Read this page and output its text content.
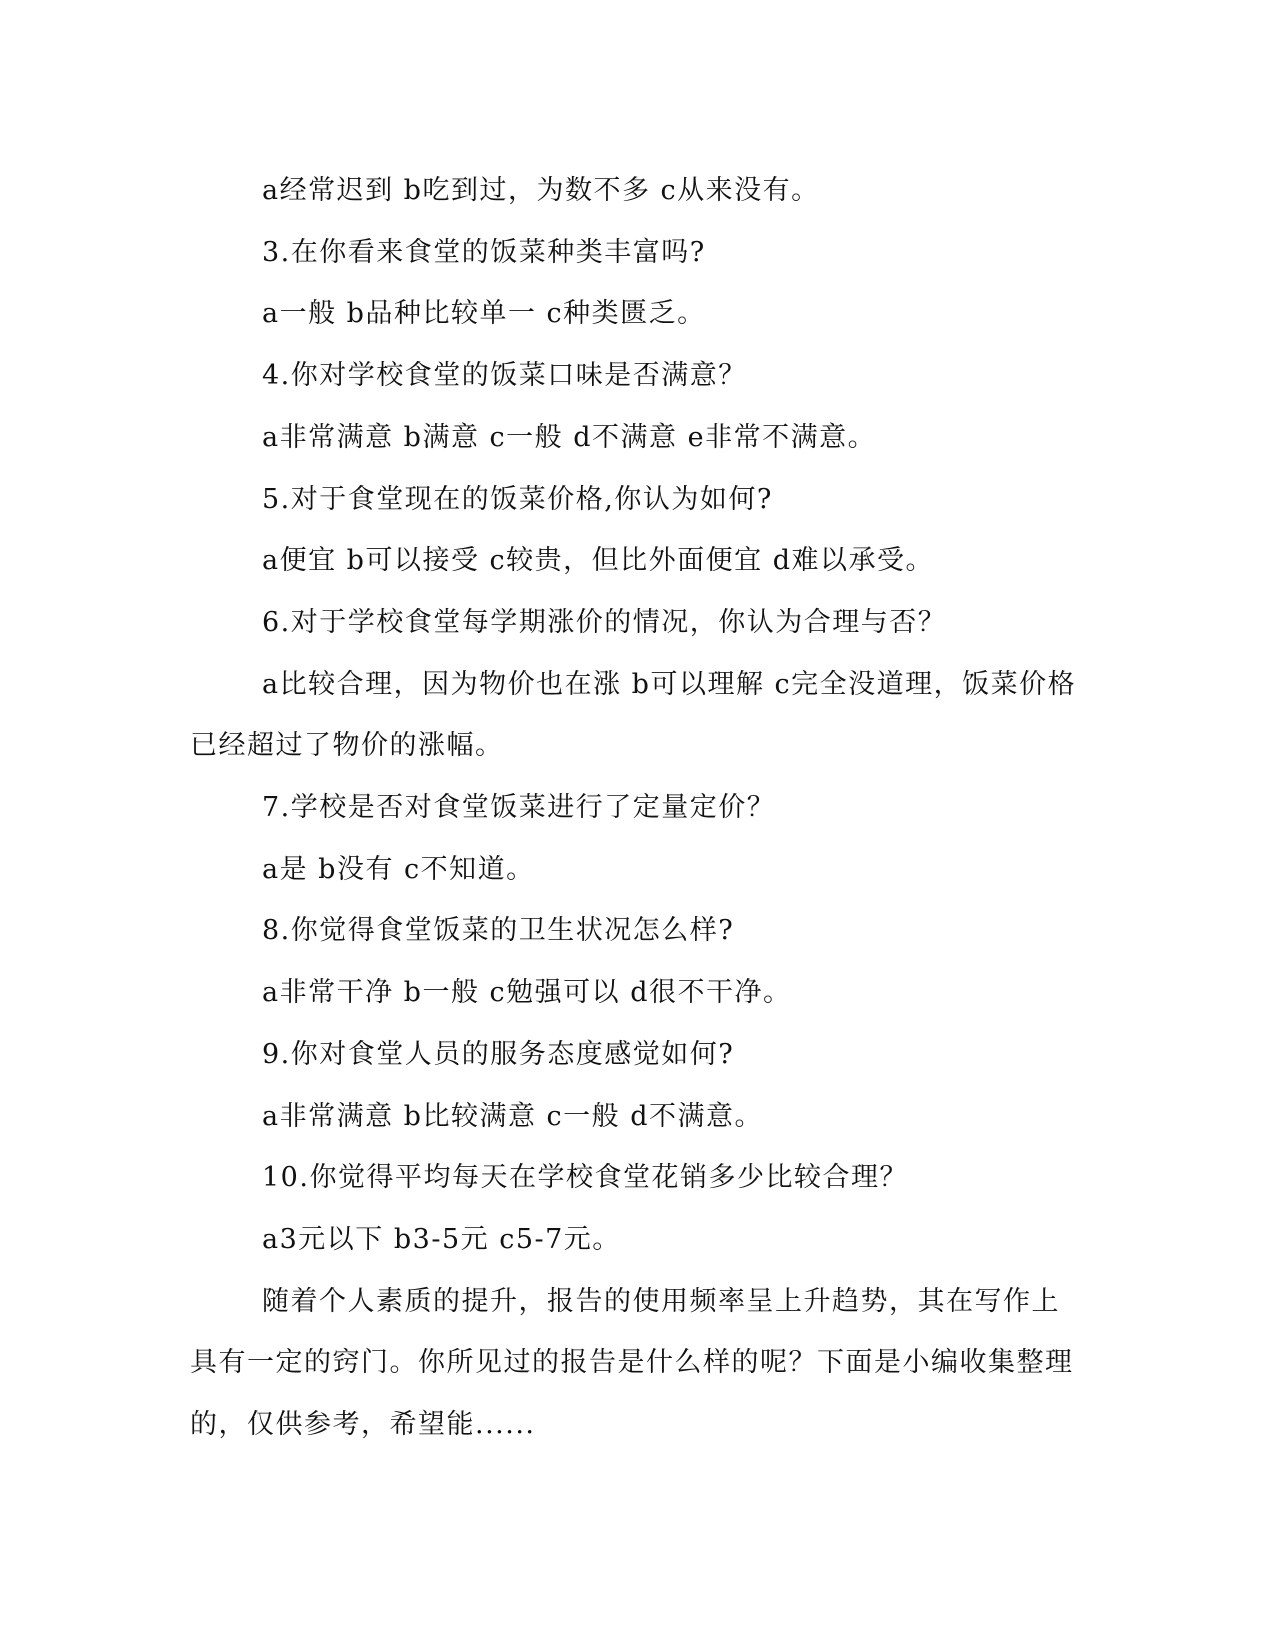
a经常迟到 b吃到过，为数不多 c从来没有。

3.在你看来食堂的饭菜种类丰富吗?

a一般 b品种比较单一 c种类匮乏。

4.你对学校食堂的饭菜口味是否满意？

a非常满意 b满意 c一般 d不满意 e非常不满意。

5.对于食堂现在的饭菜价格,你认为如何?

a便宜 b可以接受 c较贵，但比外面便宜 d难以承受。

6.对于学校食堂每学期涨价的情况，你认为合理与否？

a比较合理，因为物价也在涨 b可以理解 c完全没道理，饭菜价格已经超过了物价的涨幅。

7.学校是否对食堂饭菜进行了定量定价？

a是 b没有 c不知道。

8.你觉得食堂饭菜的卫生状况怎么样?

a非常干净 b一般 c勉强可以 d很不干净。

9.你对食堂人员的服务态度感觉如何?

a非常满意 b比较满意 c一般 d不满意。

10.你觉得平均每天在学校食堂花销多少比较合理？

a3元以下 b3-5元 c5-7元。

随着个人素质的提升，报告的使用频率呈上升趋势，其在写作上具有一定的窍门。你所见过的报告是什么样的呢？下面是小编收集整理的，仅供参考，希望能......
